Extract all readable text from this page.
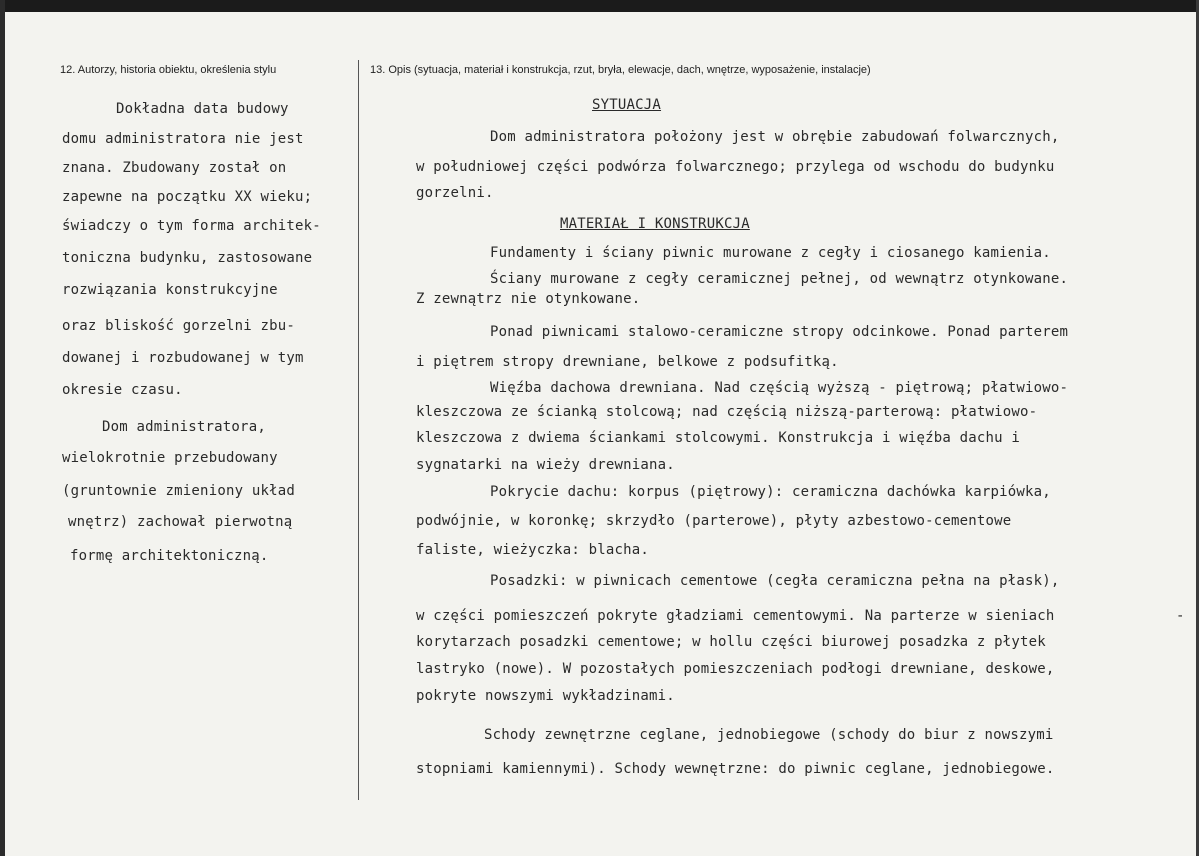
12. Autorzy, historia obiektu, określenia stylu	13. Opis (sytuacja, materiał i konstrukcja, rzut, bryła, elewacje, dach, wnętrze, wyposażenie, instalacje)
Dokładna data budowy
domu administratora nie jest
znana. Zbudowany został on
zapewne na początku XX wieku;
świadczy o tym forma architek-
toniczna budynku, zastosowane
rozwiązania konstrukcyjne
oraz bliskość gorzelni zbu-
dowanej i rozbudowanej w tym
okresie czasu.
Dom administratora,
wielokrotnie przebudowany
(gruntownie zmieniony układ
wnętrz) zachował pierwotną
formę architektoniczną.
SYTUACJA
Dom administratora położony jest w obrębie zabudowań folwarcznych,
w południowej części podwórza folwarcznego; przylega od wschodu do budynku
gorzelni.
MATERIAŁ I KONSTRUKCJA
Fundamenty i ściany piwnic murowane z cegły i ciosanego kamienia.
Ściany murowane z cegły ceramicznej pełnej, od wewnątrz otynkowane.
Z zewnątrz nie otynkowane.
Ponad piwnicami stalowo-ceramiczne stropy odcinkowe. Ponad parterem
i piętrem stropy drewniane, belkowe z podsufitką.
Więźba dachowa drewniana. Nad częścią wyższą - piętrową; płatwiowo-
kleszczowa ze ścianką stolcową; nad częścią niższą-parterową: płatwiowo-
kleszczowa z dwiema ściankami stolcowymi. Konstrukcja i więźba dachu i
sygnatarki na wieży drewniana.
Pokrycie dachu: korpus (piętrowy): ceramiczna dachówka karpiówka,
podwójnie, w koronkę; skrzydło (parterowe), płyty azbestowo-cementowe
faliste, wieżyczka: blacha.
Posadzki: w piwnicach cementowe (cegła ceramiczna pełna na płask),
w części pomieszczeń pokryte gładziami cementowymi. Na parterze w sieniach
korytarzach posadzki cementowe; w hollu części biurowej posadzka z płytek
lastryko (nowe). W pozostałych pomieszczeniach podłogi drewniane, deskowe,
pokryte nowszymi wykładzinami.
Schody zewnętrzne ceglane, jednobiegowe (schody do biur z nowszymi
stopniami kamiennymi). Schody wewnętrzne: do piwnic ceglane, jednobiegowe.
-
